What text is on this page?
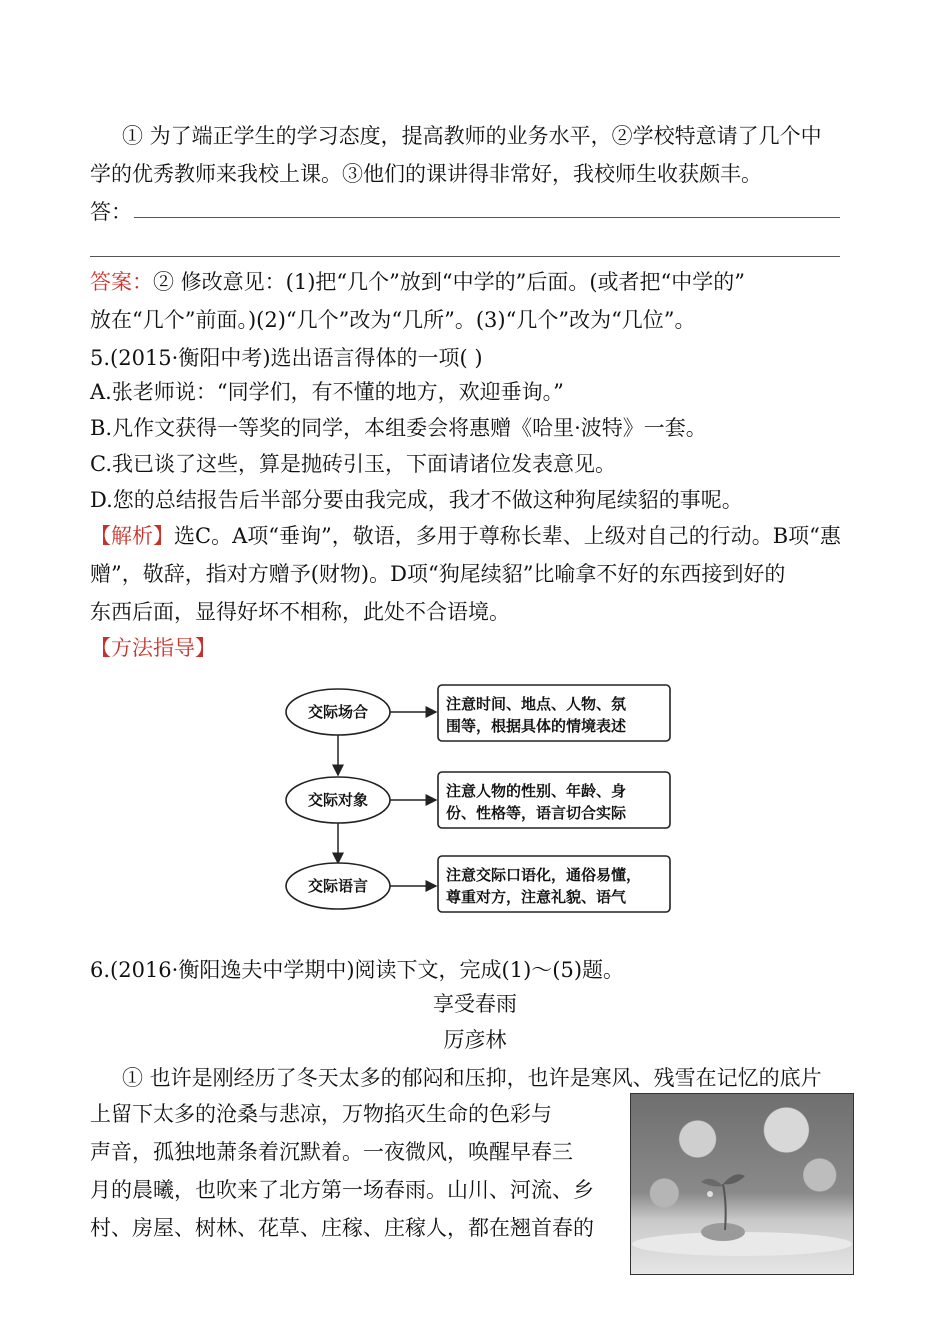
① 为了端正学生的学习态度，提高教师的业务水平，②学校特意请了几个中
学的优秀教师来我校上课。③他们的课讲得非常好，我校师生收获颇丰。
答：
答案：② 修改意见：(1)把“几个”放到“中学的”后面。(或者把“中学的”
放在“几个”前面。)(2)“几个”改为“几所”。(3)“几个”改为“几位”。
5.(2015·衡阳中考)选出语言得体的一项( )
A.张老师说：“同学们，有不懂的地方，欢迎垂询。”
B.凡作文获得一等奖的同学，本组委会将惠赠《哈里·波特》一套。
C.我已谈了这些，算是抛砖引玉，下面请诸位发表意见。
D.您的总结报告后半部分要由我完成，我才不做这种狗尾续貂的事呢。
【解析】选C。A项“垂询”，敬语，多用于尊称长辈、上级对自己的行动。B项“惠
赠”，敬辞，指对方赠予(财物)。D项“狗尾续貂”比喻拿不好的东西接到好的
东西后面，显得好坏不相称，此处不合语境。
【方法指导】
交际场合	注意时间、地点、人物、氛
围等，根据具体的情境表述
交际对象	注意人物的性别、年龄、身
份、性格等，语言切合实际
交际语言
注意交际口语化，通俗易懂，
尊重对方，注意礼貌、语气
6.(2016·衡阳逸夫中学期中)阅读下文，完成(1)～(5)题。
享受春雨
厉彦林
① 也许是刚经历了冬天太多的郁闷和压抑，也许是寒风、残雪在记忆的底片
上留下太多的沧桑与悲凉，万物掐灭生命的色彩与
声音，孤独地萧条着沉默着。一夜微风，唤醒早春三
月的晨曦，也吹来了北方第一场春雨。山川、河流、乡
村、房屋、树林、花草、庄稼、庄稼人，都在翘首春的
